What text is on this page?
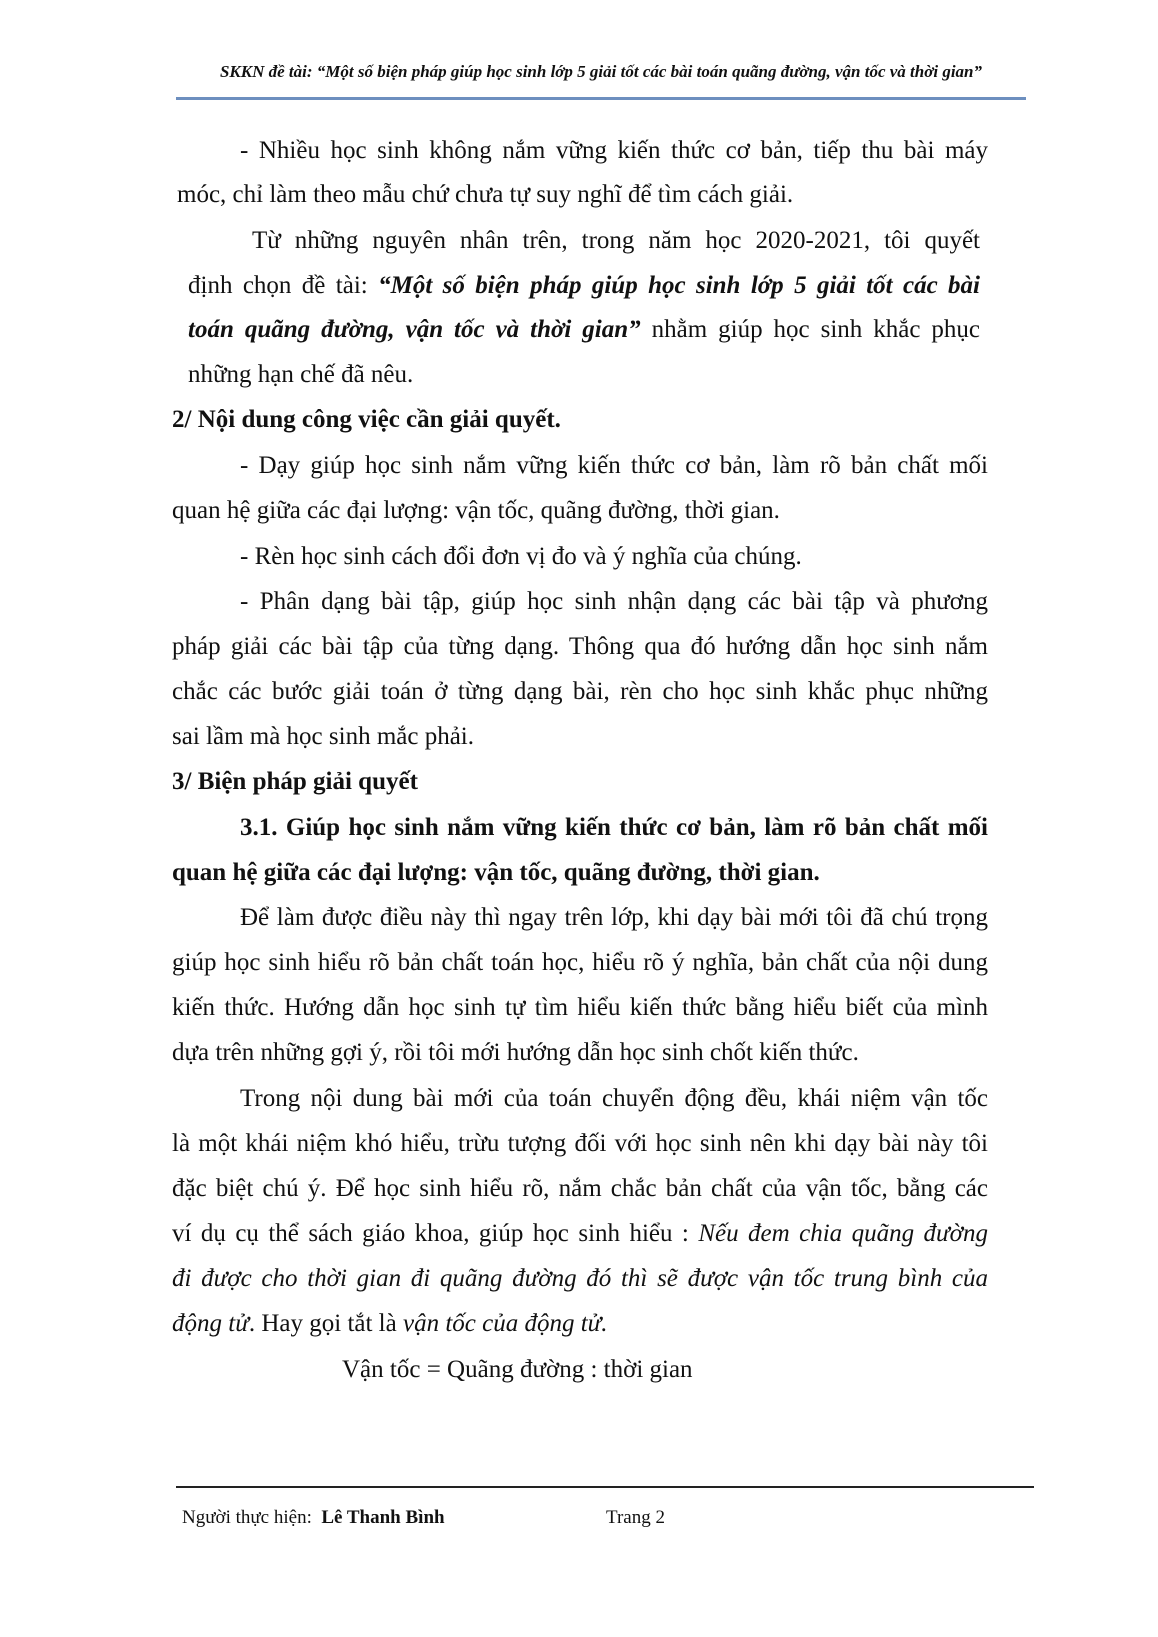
SKKN đề tài: “Một số biện pháp giúp học sinh lớp 5 giải tốt các bài toán quãng đường, vận tốc và thời gian”
- Nhiều học sinh không nắm vững kiến thức cơ bản, tiếp thu bài máy
móc, chỉ làm theo mẫu chứ chưa tự suy nghĩ để tìm cách giải.
Từ những nguyên nhân trên, trong năm học 2020-2021, tôi quyết
định chọn đề tài: “Một số biện pháp giúp học sinh lớp 5 giải tốt các bài
toán quãng đường, vận tốc và thời gian” nhằm giúp học sinh khắc phục
những hạn chế đã nêu.
2/ Nội dung công việc cần giải quyết.
- Dạy giúp học sinh nắm vững kiến thức cơ bản, làm rõ bản chất mối
quan hệ giữa các đại lượng: vận tốc, quãng đường, thời gian.
- Rèn học sinh cách đổi đơn vị đo và ý nghĩa của chúng.
- Phân dạng bài tập, giúp học sinh nhận dạng các bài tập và phương
pháp giải các bài tập của từng dạng. Thông qua đó hướng dẫn học sinh nắm
chắc các bước giải toán ở từng dạng bài, rèn cho học sinh khắc phục những
sai lầm mà học sinh mắc phải.
3/ Biện pháp giải quyết
3.1. Giúp học sinh nắm vững kiến thức cơ bản, làm rõ bản chất mối
quan hệ giữa các đại lượng: vận tốc, quãng đường, thời gian.
Để làm được điều này thì ngay trên lớp, khi dạy bài mới tôi đã chú trọng
giúp học sinh hiểu rõ bản chất toán học, hiểu rõ ý nghĩa, bản chất của nội dung
kiến thức. Hướng dẫn học sinh tự tìm hiểu kiến thức bằng hiểu biết của mình
dựa trên những gợi ý, rồi tôi mới hướng dẫn học sinh chốt kiến thức.
Trong nội dung bài mới của toán chuyển động đều, khái niệm vận tốc
là một khái niệm khó hiểu, trừu tượng đối với học sinh nên khi dạy bài này tôi
đặc biệt chú ý. Để học sinh hiểu rõ, nắm chắc bản chất của vận tốc, bằng các
ví dụ cụ thể sách giáo khoa, giúp học sinh hiểu : Nếu đem chia quãng đường
đi được cho thời gian đi quãng đường đó thì sẽ được vận tốc trung bình của
động tử. Hay gọi tắt là vận tốc của động tử.
Vận tốc = Quãng đường : thời gian
Người thực hiện: Lê Thanh Bình	Trang 2
